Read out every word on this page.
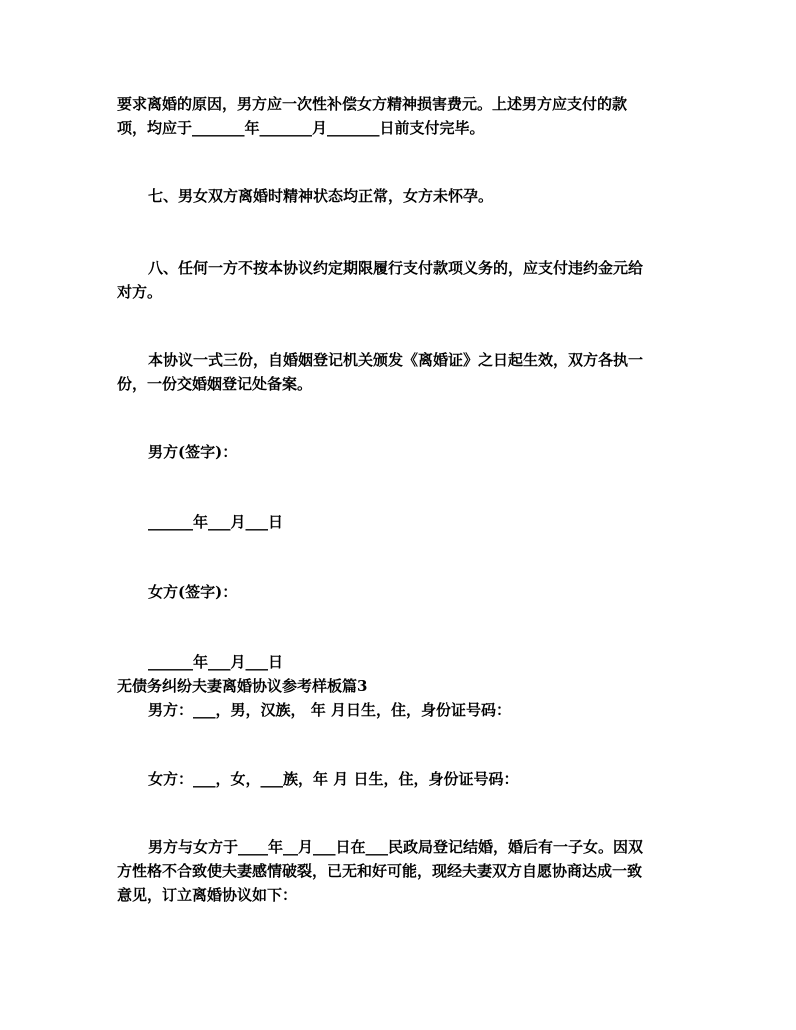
要求离婚的原因，男方应一次性补偿女方精神损害费元。上述男方应支付的款
项，均应于_______年_______月_______日前支付完毕。
七、男女双方离婚时精神状态均正常，女方未怀孕。
八、任何一方不按本协议约定期限履行支付款项义务的，应支付违约金元给
对方。
本协议一式三份，自婚姻登记机关颁发《离婚证》之日起生效，双方各执一
份，一份交婚姻登记处备案。
男方(签字)：
______年___月___日
女方(签字)：
______年___月___日
无债务纠纷夫妻离婚协议参考样板篇3
男方：___，男，汉族， 年 月日生，住，身份证号码：
女方：___，女，___族，年 月 日生，住，身份证号码：
男方与女方于____年__月___日在___民政局登记结婚，婚后有一子女。因双
方性格不合致使夫妻感情破裂，已无和好可能，现经夫妻双方自愿协商达成一致
意见，订立离婚协议如下：
